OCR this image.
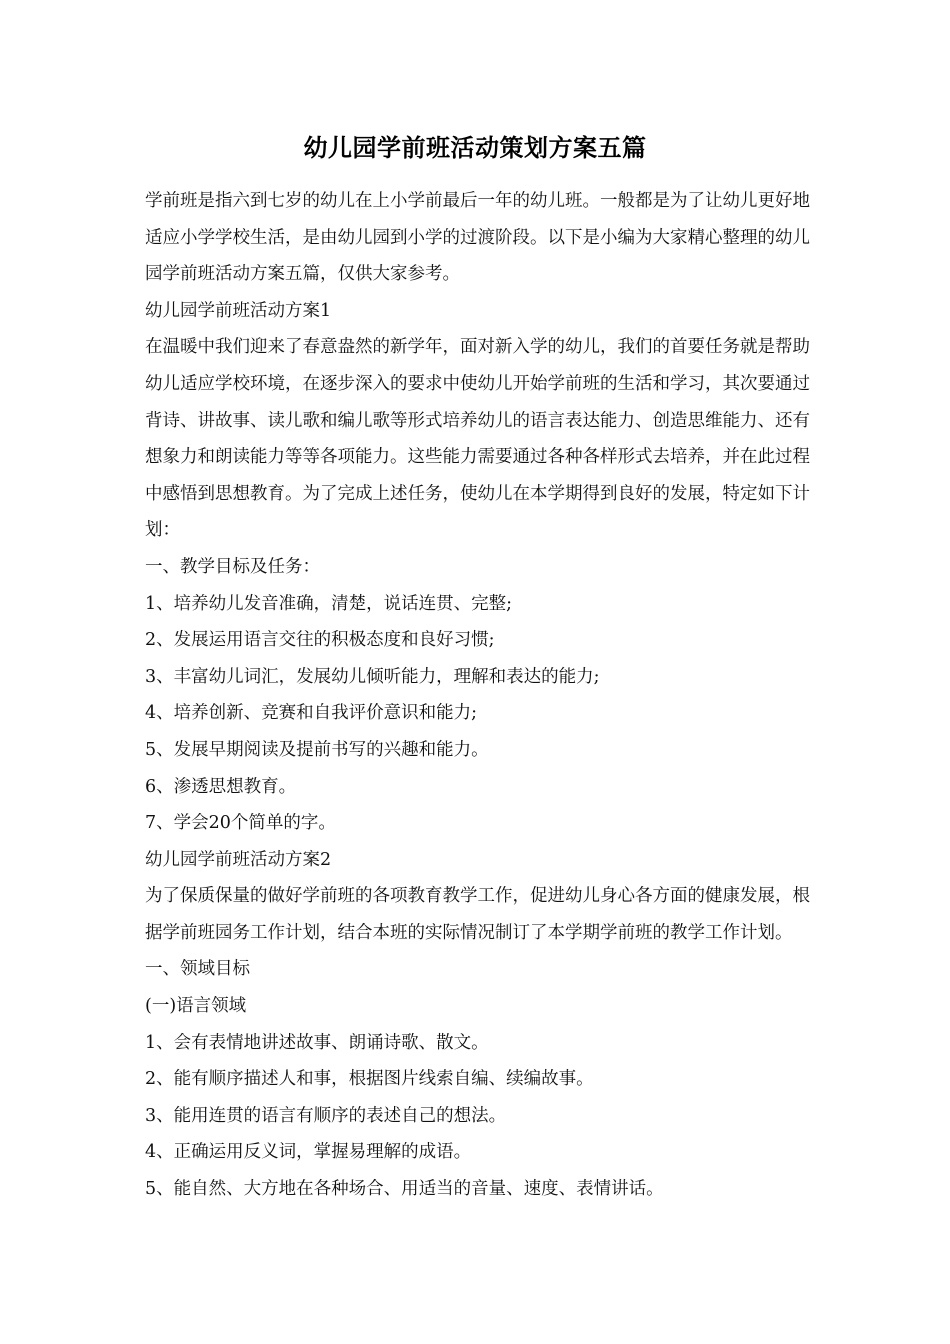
幼儿园学前班活动策划方案五篇

学前班是指六到七岁的幼儿在上小学前最后一年的幼儿班。一般都是为了让幼儿更好地适应小学学校生活，是由幼儿园到小学的过渡阶段。以下是小编为大家精心整理的幼儿园学前班活动方案五篇，仅供大家参考。

幼儿园学前班活动方案1

在温暖中我们迎来了春意盎然的新学年，面对新入学的幼儿，我们的首要任务就是帮助幼儿适应学校环境，在逐步深入的要求中使幼儿开始学前班的生活和学习，其次要通过背诗、讲故事、读儿歌和编儿歌等形式培养幼儿的语言表达能力、创造思维能力、还有想象力和朗读能力等等各项能力。这些能力需要通过各种各样形式去培养，并在此过程中感悟到思想教育。为了完成上述任务，使幼儿在本学期得到良好的发展，特定如下计划：

一、教学目标及任务：

1、培养幼儿发音准确，清楚，说话连贯、完整;

2、发展运用语言交往的积极态度和良好习惯;

3、丰富幼儿词汇，发展幼儿倾听能力，理解和表达的能力;

4、培养创新、竞赛和自我评价意识和能力;

5、发展早期阅读及提前书写的兴趣和能力。

6、渗透思想教育。

7、学会20个简单的字。

幼儿园学前班活动方案2

为了保质保量的做好学前班的各项教育教学工作，促进幼儿身心各方面的健康发展，根据学前班园务工作计划，结合本班的实际情况制订了本学期学前班的教学工作计划。

一、领域目标

(一)语言领域

1、会有表情地讲述故事、朗诵诗歌、散文。

2、能有顺序描述人和事，根据图片线索自编、续编故事。

3、能用连贯的语言有顺序的表述自己的想法。

4、正确运用反义词，掌握易理解的成语。

5、能自然、大方地在各种场合、用适当的音量、速度、表情讲话。
